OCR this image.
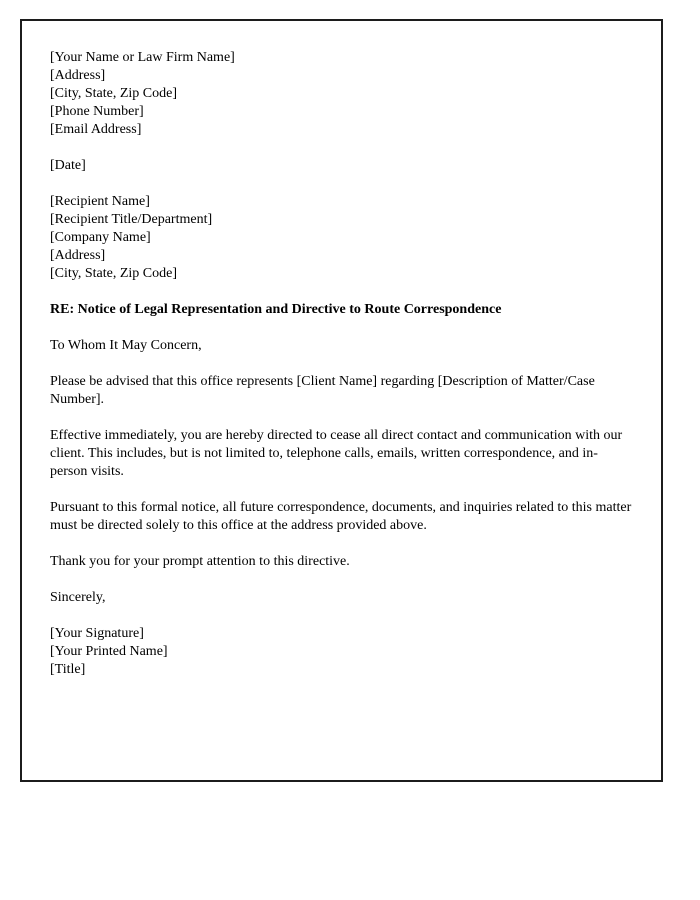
[Your Name or Law Firm Name]
[Address]
[City, State, Zip Code]
[Phone Number]
[Email Address]

[Date]

[Recipient Name]
[Recipient Title/Department]
[Company Name]
[Address]
[City, State, Zip Code]

RE: Notice of Legal Representation and Directive to Route Correspondence

To Whom It May Concern,

Please be advised that this office represents [Client Name] regarding [Description of Matter/Case Number].

Effective immediately, you are hereby directed to cease all direct contact and communication with our client. This includes, but is not limited to, telephone calls, emails, written correspondence, and in-person visits.

Pursuant to this formal notice, all future correspondence, documents, and inquiries related to this matter must be directed solely to this office at the address provided above.

Thank you for your prompt attention to this directive.

Sincerely,

[Your Signature]
[Your Printed Name]
[Title]
